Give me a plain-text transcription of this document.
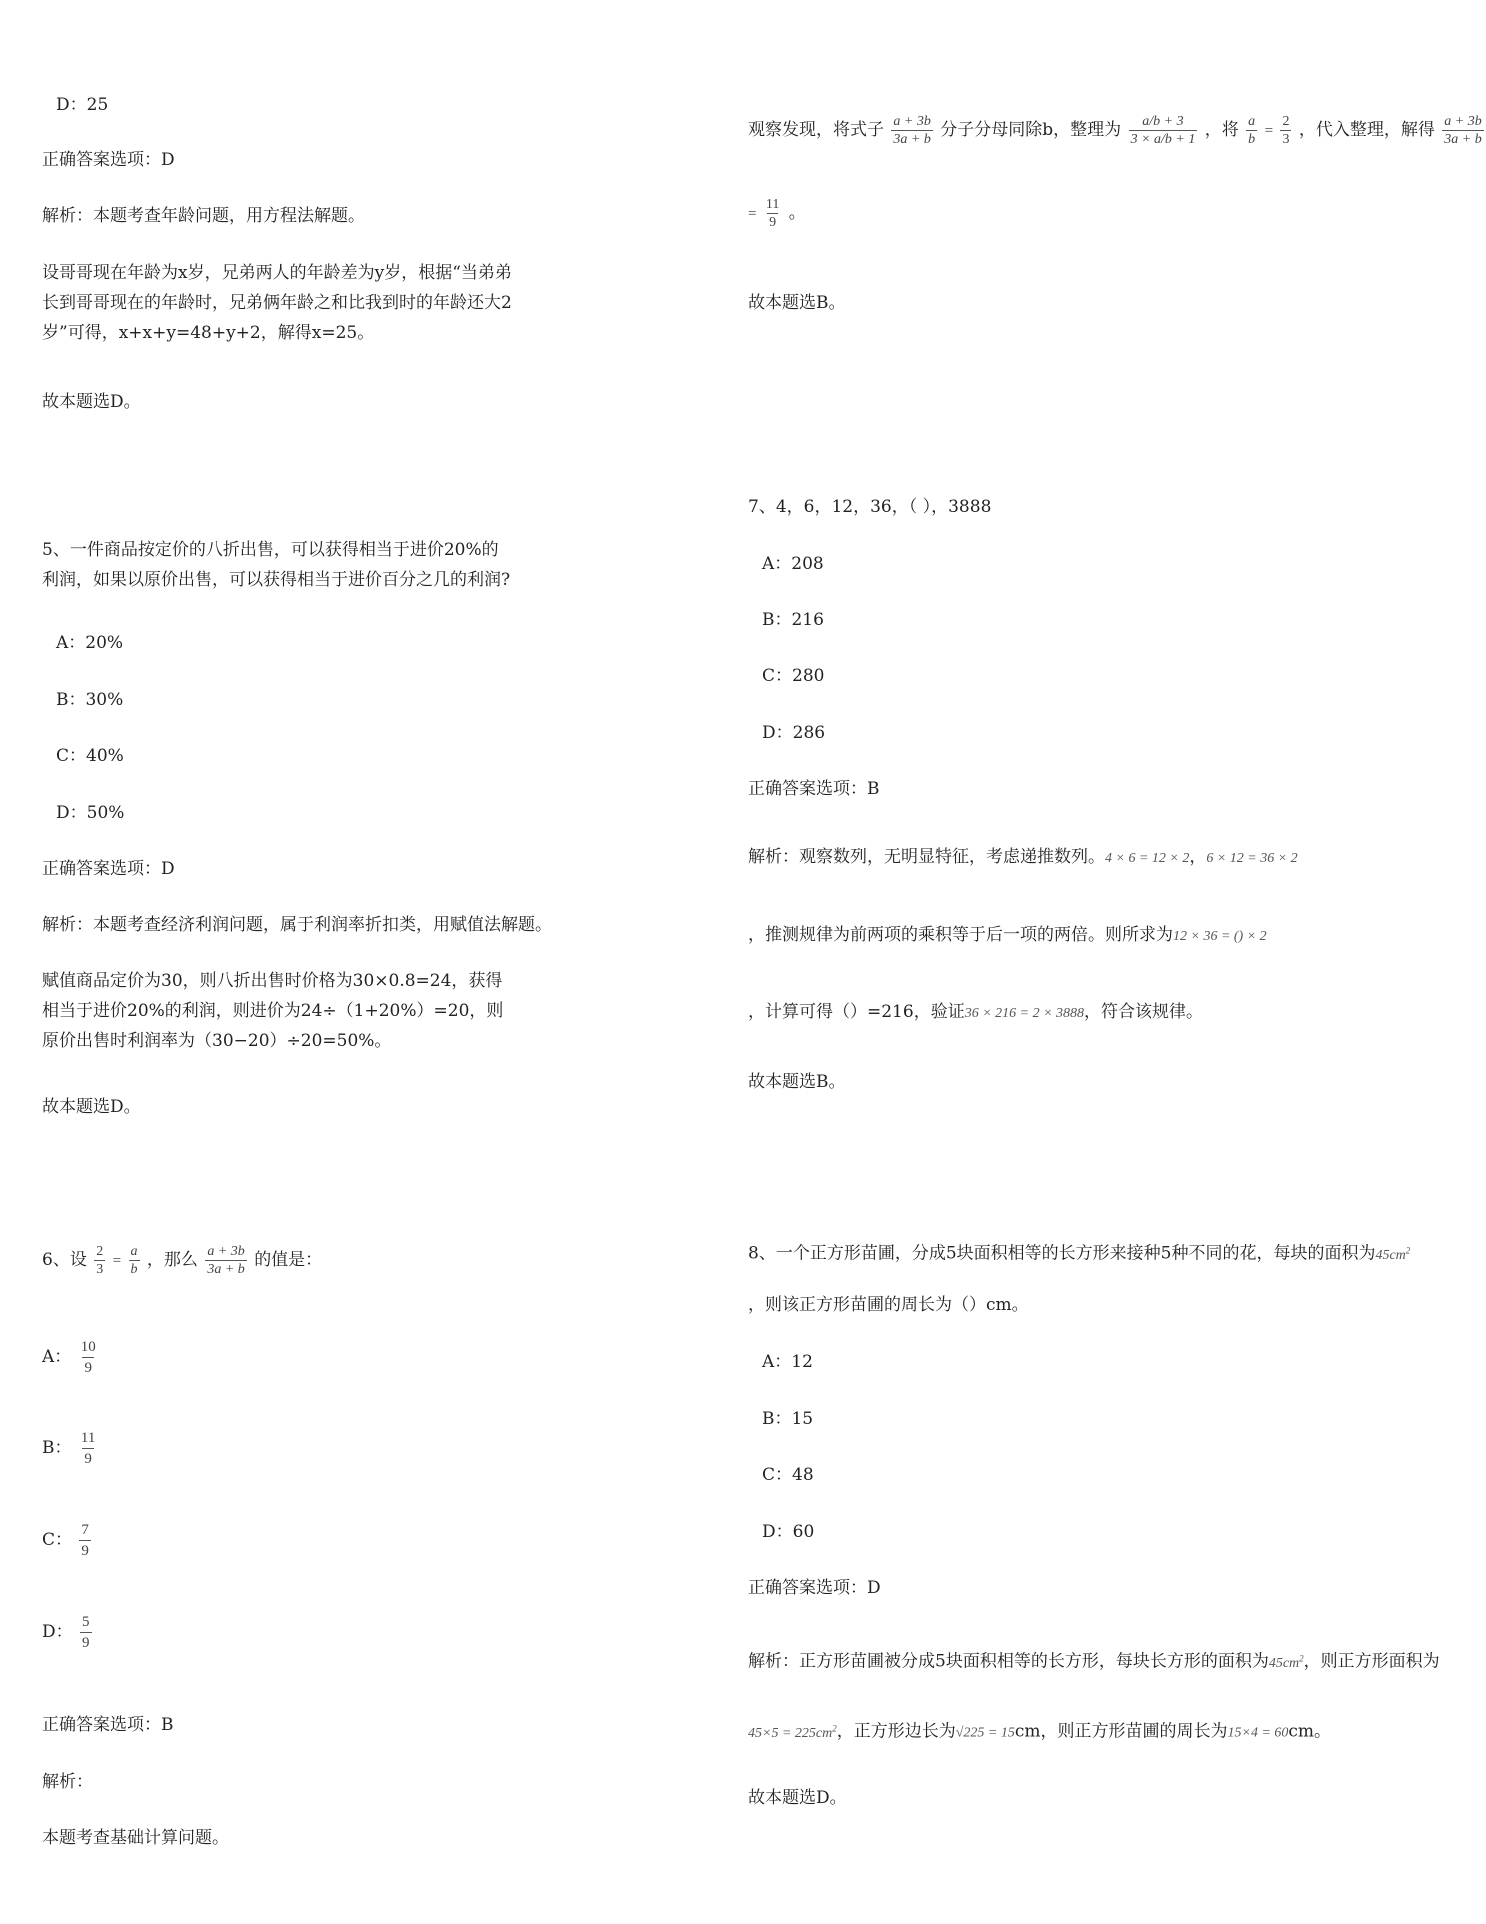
D：25
正确答案选项：D
解析：本题考查年龄问题，用方程法解题。
设哥哥现在年龄为x岁，兄弟两人的年龄差为y岁，根据“当弟弟长到哥哥现在的年龄时，兄弟俩年龄之和比我到时的年龄还大2岁”可得，x+x+y=48+y+2，解得x=25。
故本题选D。
5、一件商品按定价的八折出售，可以获得相当于进价20%的利润，如果以原价出售，可以获得相当于进价百分之几的利润?
A：20%
B：30%
C：40%
D：50%
正确答案选项：D
解析：本题考查经济利润问题，属于利润率折扣类，用赋值法解题。
赋值商品定价为30，则八折出售时价格为30×0.8=24，获得相当于进价20%的利润，则进价为24÷（1+20%）=20，则原价出售时利润率为（30−20）÷20=50%。
故本题选D。
6、设 $\frac{2}{3} = \frac{a}{b}$ ，那么 $\frac{a + 3b}{3a + b}$ 的值是：
A： $\frac{10}{9}$
B： $\frac{11}{9}$
C： $\frac{7}{9}$
D： $\frac{5}{9}$
正确答案选项：B
解析：
本题考查基础计算问题。
观察发现，将式子 $\frac{a + 3b}{3a + b}$ 分子分母同除b，整理为 $\frac{a/b + 3}{3 \times a/b + 1}$ ，将 $\frac{a}{b} = \frac{2}{3}$ ，代入整理，解得 $\frac{a + 3b}{3a + b}$
= $\frac{11}{9}$ 。
故本题选B。
7、4，6，12，36，（ ），3888
A：208
B：216
C：280
D：286
正确答案选项：B
解析：观察数列，无明显特征，考虑递推数列。4 × 6 = 12 × 2，6 × 12 = 36 × 2
，推测规律为前两项的乘积等于后一项的两倍。则所求为12 × 36 = () × 2
，计算可得（）=216，验证36 × 216 = 2 × 3888，符合该规律。
故本题选B。
8、一个正方形苗圃，分成5块面积相等的长方形来接种5种不同的花，每块的面积为$45cm^2$
，则该正方形苗圃的周长为（）cm。
A：12
B：15
C：48
D：60
正确答案选项：D
解析：正方形苗圃被分成5块面积相等的长方形，每块长方形的面积为$45cm^2$，则正方形面积为
$45\times 5 = 225cm^2$，正方形边长为√225 = 15cm，则正方形苗圃的周长为15×4 = 60cm。
故本题选D。
